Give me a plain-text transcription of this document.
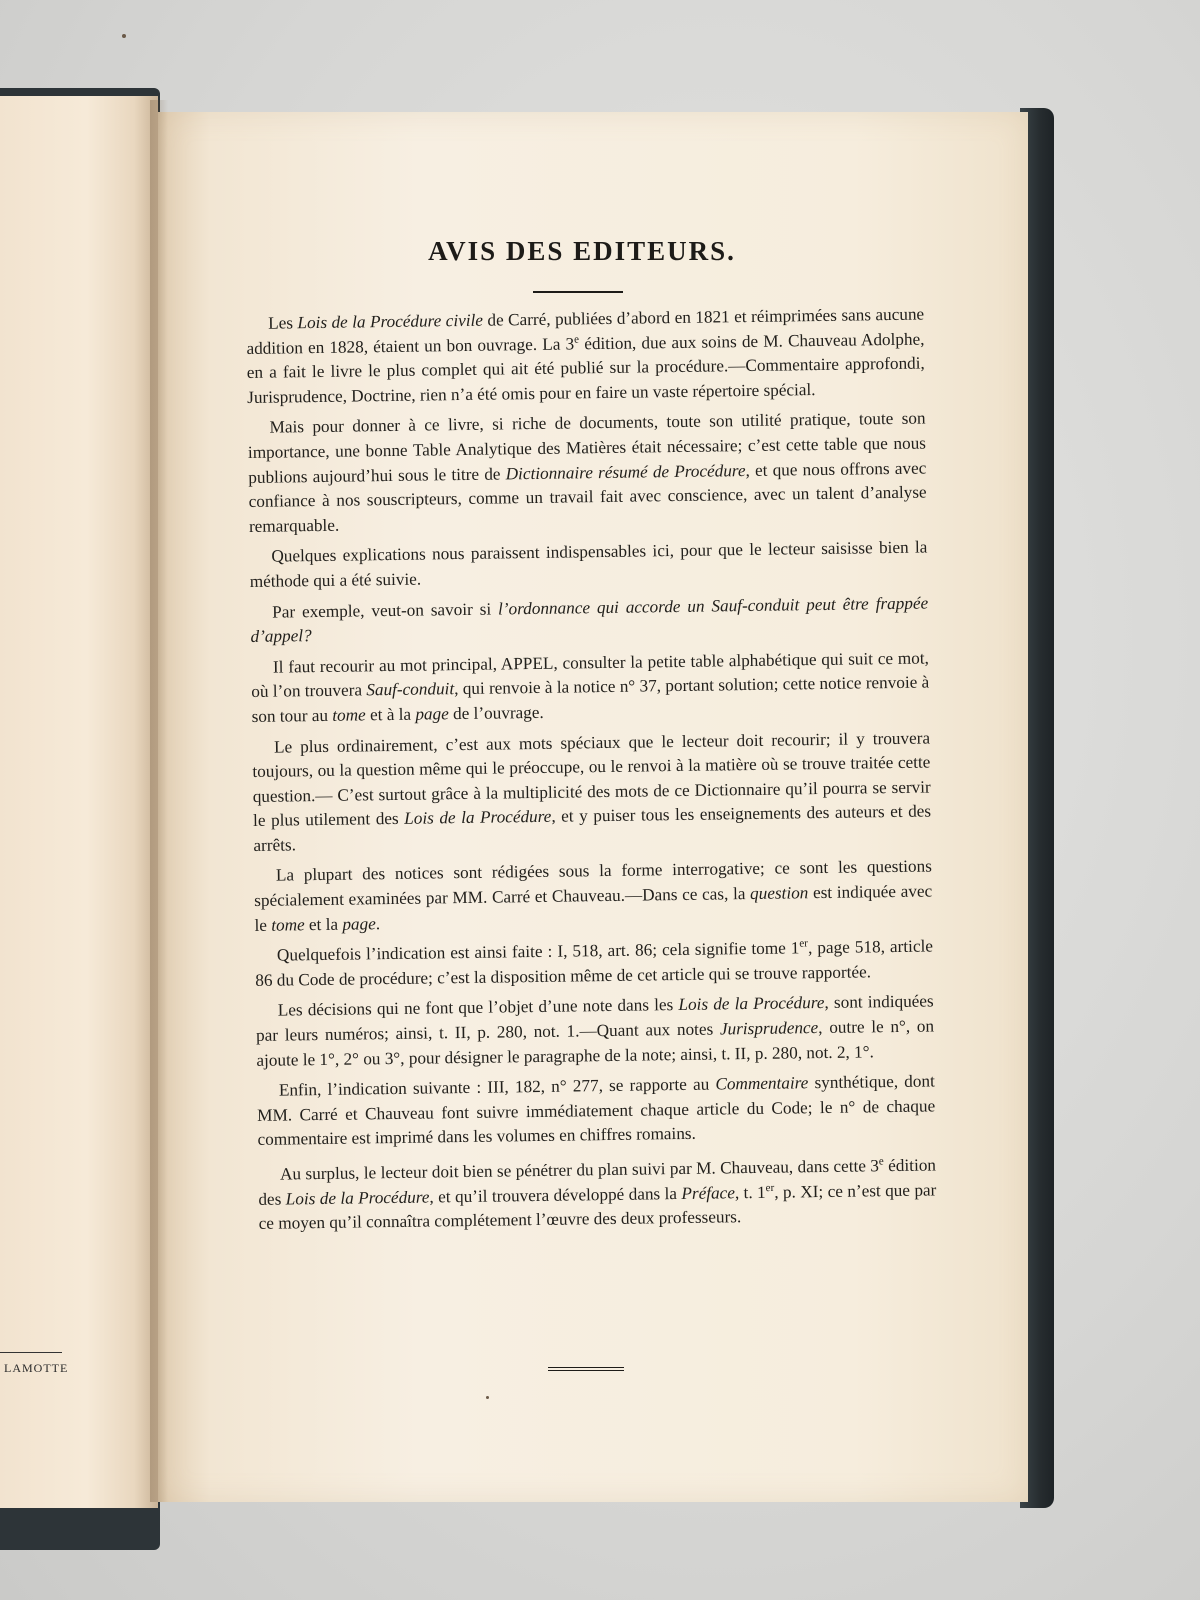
LAMOTTE
AVIS DES EDITEURS.

Les Lois de la Procédure civile de Carré, publiées d’abord en 1821 et réimprimées sans aucune addition en 1828, étaient un bon ouvrage. La 3e édition, due aux soins de M. Chauveau Adolphe, en a fait le livre le plus complet qui ait été publié sur la procédure.—Commentaire approfondi, Jurisprudence, Doctrine, rien n’a été omis pour en faire un vaste répertoire spécial.

Mais pour donner à ce livre, si riche de documents, toute son utilité pratique, toute son importance, une bonne Table Analytique des Matières était nécessaire; c’est cette table que nous publions aujourd’hui sous le titre de Dictionnaire résumé de Procédure, et que nous offrons avec confiance à nos souscripteurs, comme un travail fait avec conscience, avec un talent d’analyse remarquable.

Quelques explications nous paraissent indispensables ici, pour que le lecteur saisisse bien la méthode qui a été suivie.

Par exemple, veut-on savoir si l’ordonnance qui accorde un Sauf-conduit peut être frappée d’appel?

Il faut recourir au mot principal, APPEL, consulter la petite table alphabétique qui suit ce mot, où l’on trouvera Sauf-conduit, qui renvoie à la notice n° 37, portant solution; cette notice renvoie à son tour au tome et à la page de l’ouvrage.

Le plus ordinairement, c’est aux mots spéciaux que le lecteur doit recourir; il y trouvera toujours, ou la question même qui le préoccupe, ou le renvoi à la matière où se trouve traitée cette question.— C’est surtout grâce à la multiplicité des mots de ce Dictionnaire qu’il pourra se servir le plus utilement des Lois de la Procédure, et y puiser tous les enseignements des auteurs et des arrêts.

La plupart des notices sont rédigées sous la forme interrogative; ce sont les questions spécialement examinées par MM. Carré et Chauveau.—Dans ce cas, la question est indiquée avec le tome et la page.

Quelquefois l’indication est ainsi faite : I, 518, art. 86; cela signifie tome 1er, page 518, article 86 du Code de procédure; c’est la disposition même de cet article qui se trouve rapportée.

Les décisions qui ne font que l’objet d’une note dans les Lois de la Procédure, sont indiquées par leurs numéros; ainsi, t. II, p. 280, not. 1.—Quant aux notes Jurisprudence, outre le n°, on ajoute le 1°, 2° ou 3°, pour désigner le paragraphe de la note; ainsi, t. II, p. 280, not. 2, 1°.

Enfin, l’indication suivante : III, 182, n° 277, se rapporte au Commentaire synthétique, dont MM. Carré et Chauveau font suivre immédiatement chaque article du Code; le n° de chaque commentaire est imprimé dans les volumes en chiffres romains.

Au surplus, le lecteur doit bien se pénétrer du plan suivi par M. Chauveau, dans cette 3e édition des Lois de la Procédure, et qu’il trouvera développé dans la Préface, t. 1er, p. XI; ce n’est que par ce moyen qu’il connaîtra complétement l’œuvre des deux professeurs.
